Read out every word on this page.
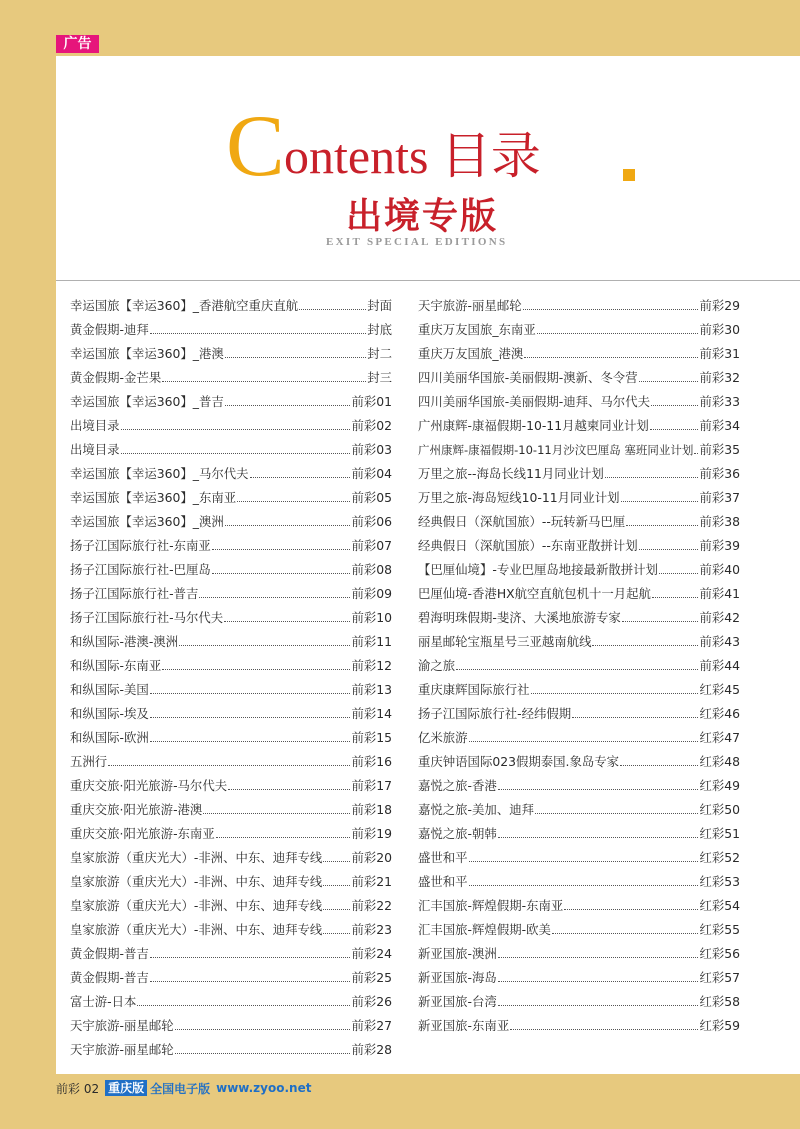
广告
C ontents 目录
出境专版
EXIT SPECIAL EDITIONS
幸运国旅【幸运360】_香港航空重庆直航	封面
黄金假期-迪拜	封底
幸运国旅【幸运360】_港澳	封二
黄金假期-金芒果	封三
幸运国旅【幸运360】_普吉	前彩01
出境目录	前彩02
出境目录	前彩03
幸运国旅【幸运360】_马尔代夫	前彩04
幸运国旅【幸运360】_东南亚	前彩05
幸运国旅【幸运360】_澳洲	前彩06
扬子江国际旅行社-东南亚	前彩07
扬子江国际旅行社-巴厘岛	前彩08
扬子江国际旅行社-普吉	前彩09
扬子江国际旅行社-马尔代夫	前彩10
和纵国际-港澳-澳洲	前彩11
和纵国际-东南亚	前彩12
和纵国际-美国	前彩13
和纵国际-埃及	前彩14
和纵国际-欧洲	前彩15
五洲行	前彩16
重庆交旅·阳光旅游-马尔代夫	前彩17
重庆交旅·阳光旅游-港澳	前彩18
重庆交旅·阳光旅游-东南亚	前彩19
皇家旅游（重庆光大）-非洲、中东、迪拜专线 前彩20
皇家旅游（重庆光大）-非洲、中东、迪拜专线 前彩21
皇家旅游（重庆光大）-非洲、中东、迪拜专线 前彩22
皇家旅游（重庆光大）-非洲、中东、迪拜专线 前彩23
黄金假期-普吉	前彩24
黄金假期-普吉	前彩25
富士游-日本	前彩26
天宇旅游-丽星邮轮	前彩27
天宇旅游-丽星邮轮	前彩28
天宇旅游-丽星邮轮	前彩29
重庆万友国旅_东南亚	前彩30
重庆万友国旅_港澳	前彩31
四川美丽华国旅-美丽假期-澳新、冬令营	前彩32
四川美丽华国旅-美丽假期-迪拜、马尔代夫	前彩33
广州康辉-康福假期-10-11月越柬同业计划	前彩34
广州康辉-康福假期-10-11月沙汶巴厘岛 塞班同业计划 前彩35
万里之旅--海岛长线11月同业计划	前彩36
万里之旅-海岛短线10-11月同业计划	前彩37
经典假日（深航国旅）--玩转新马巴厘	前彩38
经典假日（深航国旅）--东南亚散拼计划	前彩39
【巴厘仙境】-专业巴厘岛地接最新散拼计划	前彩40
巴厘仙境-香港HX航空直航包机十一月起航	前彩41
碧海明珠假期-斐济、大溪地旅游专家	前彩42
丽星邮轮宝瓶星号三亚越南航线	前彩43
渝之旅	前彩44
重庆康辉国际旅行社	红彩45
扬子江国际旅行社-经纬假期	红彩46
亿米旅游	红彩47
重庆钟语国际023假期泰国.象岛专家	红彩48
嘉悦之旅-香港	红彩49
嘉悦之旅-美加、迪拜	红彩50
嘉悦之旅-朝韩	红彩51
盛世和平	红彩52
盛世和平	红彩53
汇丰国旅-辉煌假期-东南亚	红彩54
汇丰国旅-辉煌假期-欧美	红彩55
新亚国旅-澳洲	红彩56
新亚国旅-海岛	红彩57
新亚国旅-台湾	红彩58
新亚国旅-东南亚	红彩59
前彩 02 重庆版 全国电子版 www.zyoo.net
